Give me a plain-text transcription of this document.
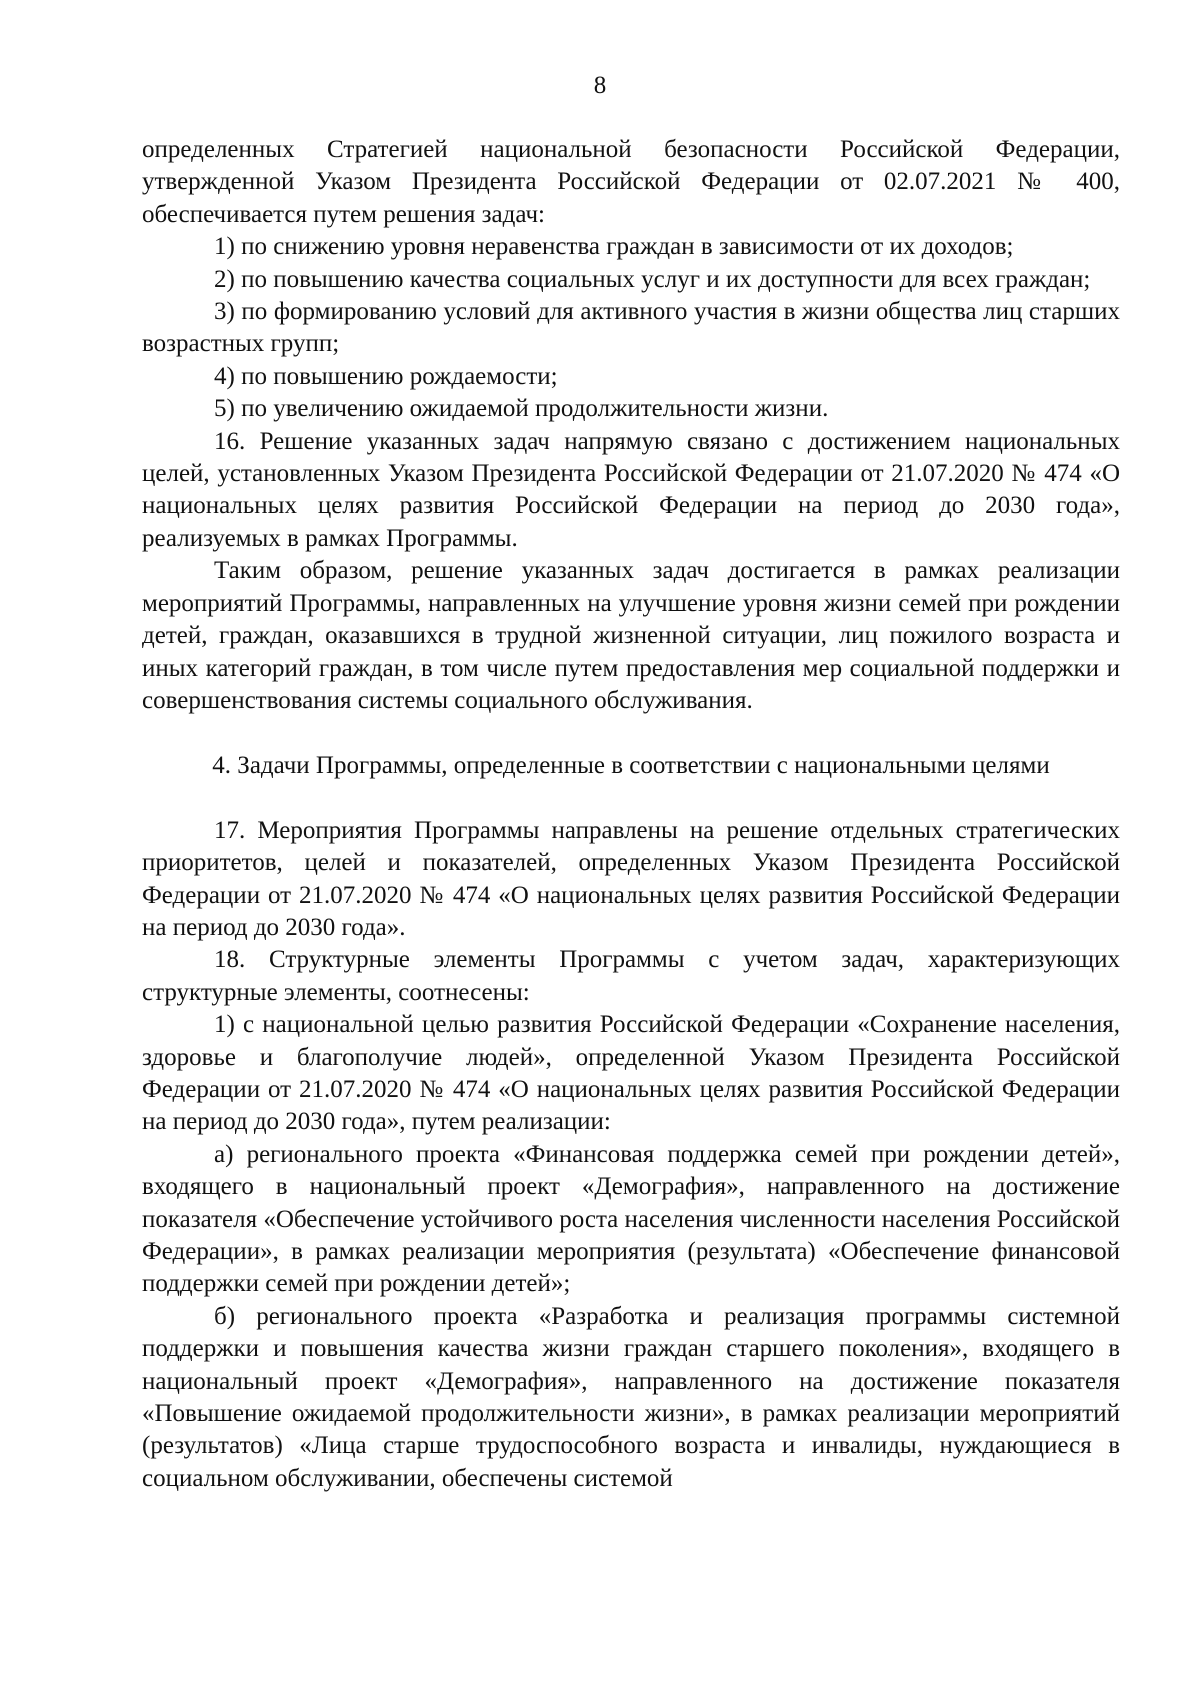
8

определенных Стратегией национальной безопасности Российской Федерации, утвержденной Указом Президента Российской Федерации от 02.07.2021 № 400, обеспечивается путем решения задач:

1) по снижению уровня неравенства граждан в зависимости от их доходов;

2) по повышению качества социальных услуг и их доступности для всех граждан;

3) по формированию условий для активного участия в жизни общества лиц старших возрастных групп;

4) по повышению рождаемости;

5) по увеличению ожидаемой продолжительности жизни.

16. Решение указанных задач напрямую связано с достижением национальных целей, установленных Указом Президента Российской Федерации от 21.07.2020 № 474 «О национальных целях развития Российской Федерации на период до 2030 года», реализуемых в рамках Программы.

Таким образом, решение указанных задач достигается в рамках реализации мероприятий Программы, направленных на улучшение уровня жизни семей при рождении детей, граждан, оказавшихся в трудной жизненной ситуации, лиц пожилого возраста и иных категорий граждан, в том числе путем предоставления мер социальной поддержки и совершенствования системы социального обслуживания.

4. Задачи Программы, определенные в соответствии с национальными целями

17. Мероприятия Программы направлены на решение отдельных стратегических приоритетов, целей и показателей, определенных Указом Президента Российской Федерации от 21.07.2020 № 474 «О национальных целях развития Российской Федерации на период до 2030 года».

18. Структурные элементы Программы с учетом задач, характеризующих структурные элементы, соотнесены:

1) с национальной целью развития Российской Федерации «Сохранение населения, здоровье и благополучие людей», определенной Указом Президента Российской Федерации от 21.07.2020 № 474 «О национальных целях развития Российской Федерации на период до 2030 года», путем реализации:

а) регионального проекта «Финансовая поддержка семей при рождении детей», входящего в национальный проект «Демография», направленного на достижение показателя «Обеспечение устойчивого роста населения численности населения Российской Федерации», в рамках реализации мероприятия (результата) «Обеспечение финансовой поддержки семей при рождении детей»;

б) регионального проекта «Разработка и реализация программы системной поддержки и повышения качества жизни граждан старшего поколения», входящего в национальный проект «Демография», направленного на достижение показателя «Повышение ожидаемой продолжительности жизни», в рамках реализации мероприятий (результатов) «Лица старше трудоспособного возраста и инвалиды, нуждающиеся в социальном обслуживании, обеспечены системой
